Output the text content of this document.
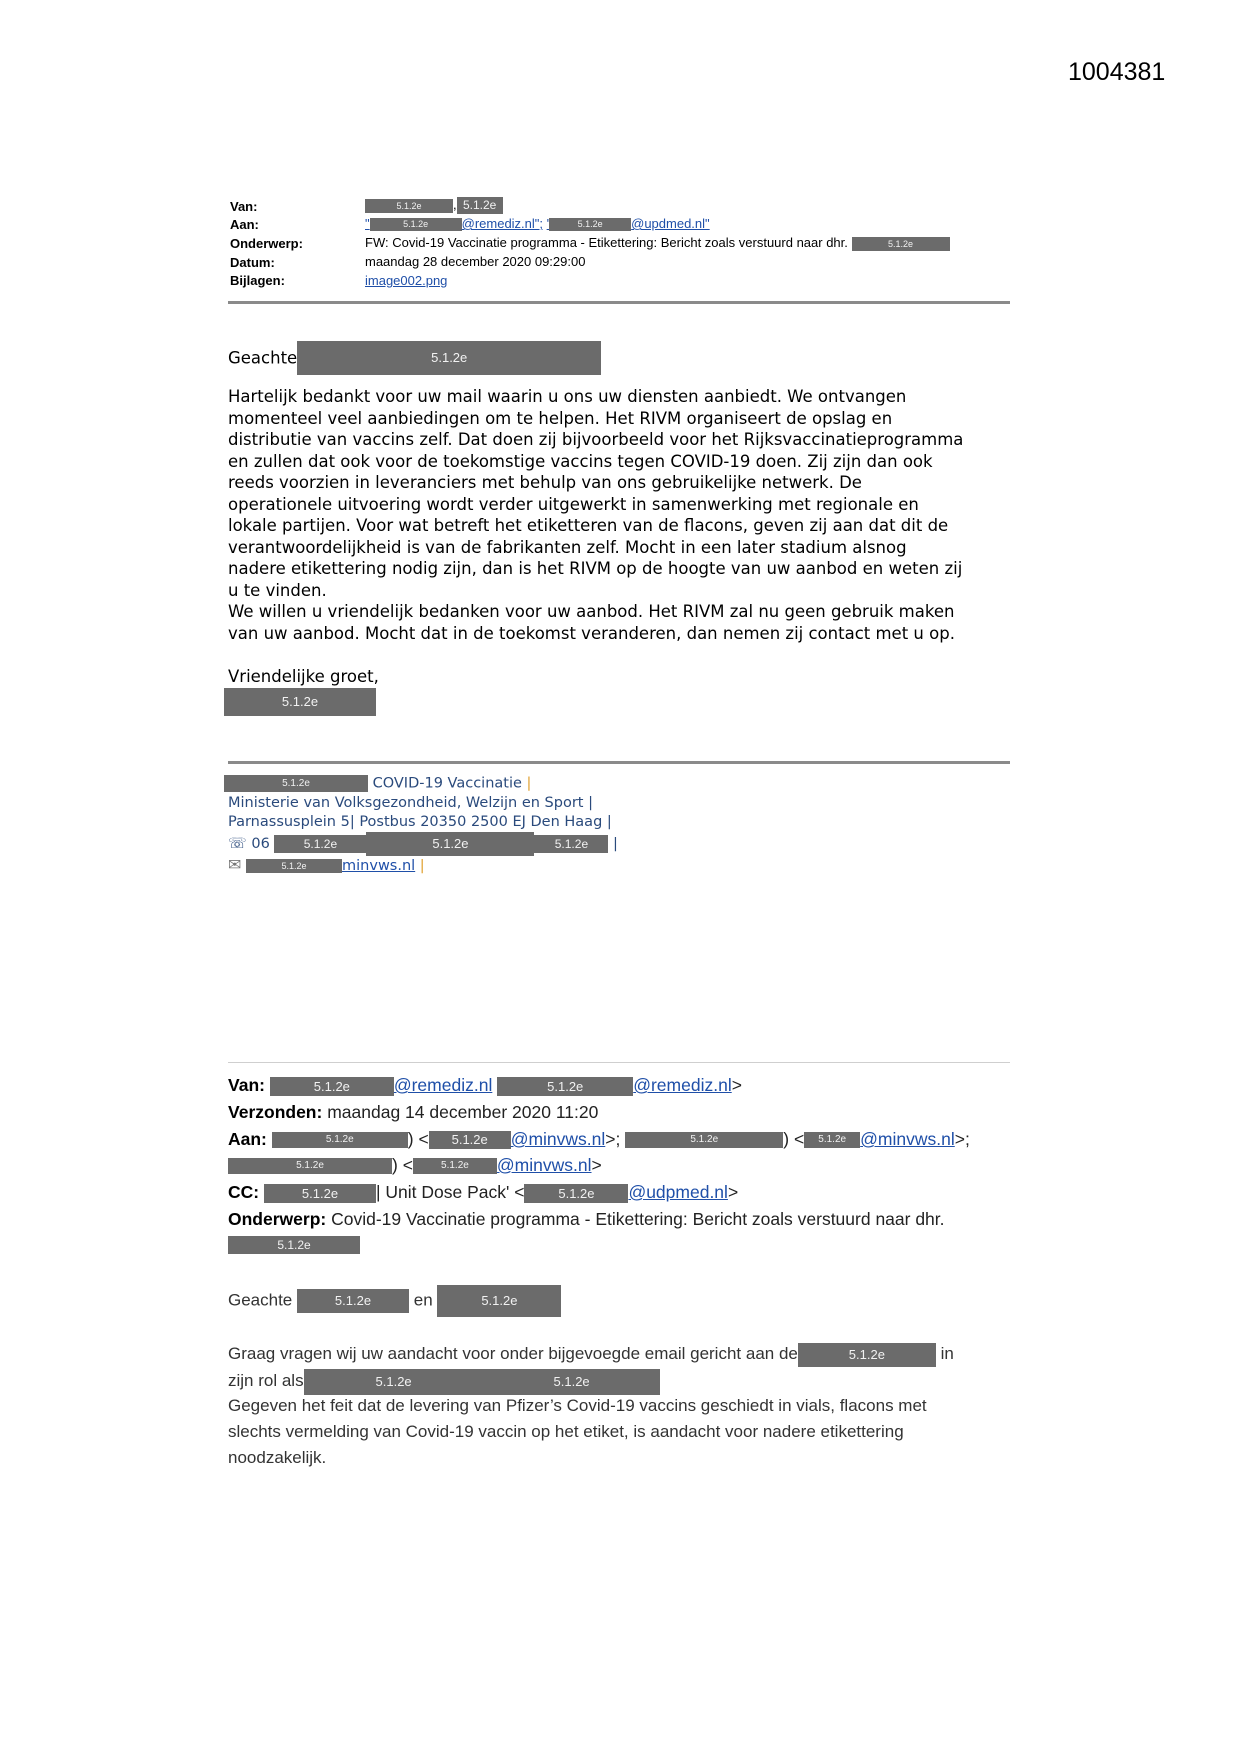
1004381
Van:	5.1.2e , 5.1.2e
Aan:	"	5.1.2e	@remediz.nl"; '	5.1.2e @updmed.nl"
Onderwerp:	FW: Covid-19 Vaccinatie programma - Etikettering: Bericht zoals verstuurd naar dhr.	5.1.2e
Datum:	maandag 28 december 2020 09:29:00
Bijlagen:	image002.png
Geachte	5.1.2e
Hartelijk bedankt voor uw mail waarin u ons uw diensten aanbiedt. We ontvangen
momenteel veel aanbiedingen om te helpen. Het RIVM organiseert de opslag en
distributie van vaccins zelf. Dat doen zij bijvoorbeeld voor het Rijksvaccinatieprogramma
en zullen dat ook voor de toekomstige vaccins tegen COVID-19 doen. Zij zijn dan ook
reeds voorzien in leveranciers met behulp van ons gebruikelijke netwerk. De
operationele uitvoering wordt verder uitgewerkt in samenwerking met regionale en
lokale partijen. Voor wat betreft het etiketteren van de flacons, geven zij aan dat dit de
verantwoordelijkheid is van de fabrikanten zelf. Mocht in een later stadium alsnog
nadere etikettering nodig zijn, dan is het RIVM op de hoogte van uw aanbod en weten zij
u te vinden.
We willen u vriendelijk bedanken voor uw aanbod. Het RIVM zal nu geen gebruik maken
van uw aanbod. Mocht dat in de toekomst veranderen, dan nemen zij contact met u op.
Vriendelijke groet,
5.1.2e
5.1.2e	COVID-19 Vaccinatie |
Ministerie van Volksgezondheid, Welzijn en Sport |
Parnassusplein 5| Postbus 20350 2500 EJ Den Haag |
☏ 06	5.1.2e	5.1.2e	5.1.2e |
✉	5.1.2e minvws.nl |
Van:	5.1.2e	@remediz.nl	5.1.2e	@remediz.nl>
Verzonden: maandag 14 december 2020 11:20
Aan:	5.1.2e	) < 5.1.2e @minvws.nl>;	5.1.2e	) < 5.1.2e @minvws.nl>;
5.1.2e	) <	5.1.2e @minvws.nl>
CC:	5.1.2e | Unit Dose Pack' <	5.1.2e @udpmed.nl>
Onderwerp: Covid-19 Vaccinatie programma - Etikettering: Bericht zoals verstuurd naar dhr.
5.1.2e
Geachte	5.1.2e	en	5.1.2e
Graag vragen wij uw aandacht voor onder bijgevoegde email gericht aan de	5.1.2e	in
zijn rol als	5.1.2e	5.1.2e
Gegeven het feit dat de levering van Pfizer’s Covid-19 vaccins geschiedt in vials, flacons met
slechts vermelding van Covid-19 vaccin op het etiket, is aandacht voor nadere etikettering
noodzakelijk.
